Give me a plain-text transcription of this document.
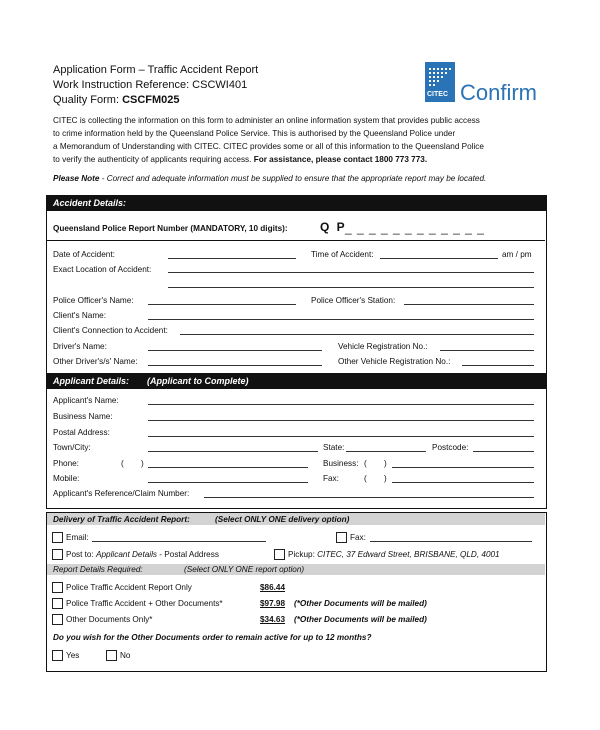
Application Form – Traffic Accident Report
Work Instruction Reference: CSCWI401
Quality Form: CSCFM025	CITEC Confirm
CITEC is collecting the information on this form to administer an online information system that provides public access
to crime information held by the Queensland Police Service. This is authorised by the Queensland Police under
a Memorandum of Understanding with CITEC. CITEC provides some or all of this information to the Queensland Police
to verify the authenticity of applicants requiring access. For assistance, please contact 1800 773 773.
Please Note - Correct and adequate information must be supplied to ensure that the appropriate report may be located.
Accident Details:
Queensland Police Report Number (MANDATORY, 10 digits):	Q P
_ _ _ _ _ _ _ _ _ _ _ _
Date of Accident:	Time of Accident:	am / pm
Exact Location of Accident:
Police Officer's Name:	Police Officer's Station:
Client's Name:
Client's Connection to Accident:
Driver's Name:	Vehicle Registration No.:
Other Driver's/s' Name:	Other Vehicle Registration No.:
Applicant Details: (Applicant to Complete)
Applicant's Name:
Business Name:
Postal Address:
Town/City:	State:	Postcode:
Phone:	( )	Business: ( )
Mobile:	Fax:	( )
Applicant's Reference/Claim Number:
Delivery of Traffic Accident Report:	(Select ONLY ONE delivery option)
Email:	Fax:
Post to: Applicant Details - Postal Address	Pickup: CITEC, 37 Edward Street, BRISBANE, QLD, 4001
Report Details Required:	(Select ONLY ONE report option)
Police Traffic Accident Report Only	$86.44
Police Traffic Accident + Other Documents*	$97.98 (*Other Documents will be mailed)
Other Documents Only*	$34.63 (*Other Documents will be mailed)
Do you wish for the Other Documents order to remain active for up to 12 months?
Yes	No
